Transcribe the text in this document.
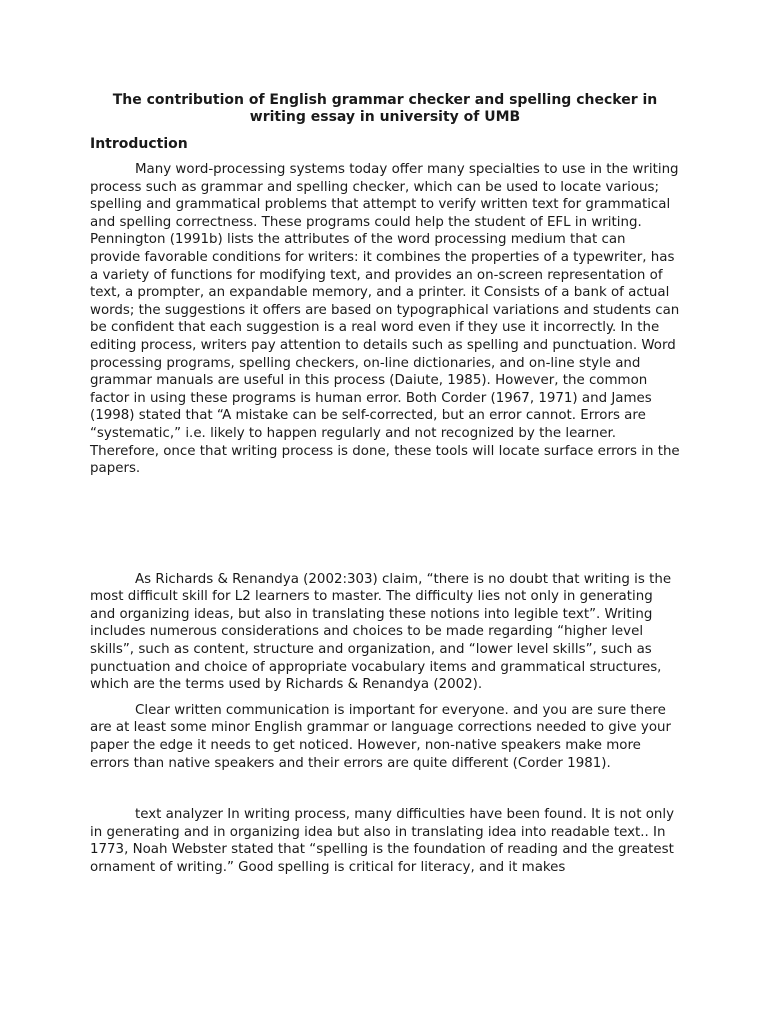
The contribution of English grammar checker and spelling checker in writing essay in university of UMB
Introduction

Many word-processing systems today offer many specialties to use in the writing process such as grammar and spelling checker, which can be used to locate various; spelling and grammatical problems that attempt to verify written text for grammatical and spelling correctness. These programs could help the student of EFL in writing. Pennington (1991b) lists the attributes of the word processing medium that can provide favorable conditions for writers: it combines the properties of a typewriter, has a variety of functions for modifying text, and provides an on-screen representation of text, a prompter, an expandable memory, and a printer. it Consists of a bank of actual words; the suggestions it offers are based on typographical variations and students can be confident that each suggestion is a real word even if they use it incorrectly. In the editing process, writers pay attention to details such as spelling and punctuation. Word processing programs, spelling checkers, on-line dictionaries, and on-line style and grammar manuals are useful in this process (Daiute, 1985). However, the common factor in using these programs is human error. Both Corder (1967, 1971) and James (1998) stated that “A mistake can be self-corrected, but an error cannot. Errors are “systematic,” i.e. likely to happen regularly and not recognized by the learner. Therefore, once that writing process is done, these tools will locate surface errors in the papers.

As Richards & Renandya (2002:303) claim, “there is no doubt that writing is the most difficult skill for L2 learners to master. The difficulty lies not only in generating and organizing ideas, but also in translating these notions into legible text”. Writing includes numerous considerations and choices to be made regarding “higher level skills”, such as content, structure and organization, and “lower level skills”, such as punctuation and choice of appropriate vocabulary items and grammatical structures, which are the terms used by Richards & Renandya (2002).

Clear written communication is important for everyone. and you are sure there are at least some minor English grammar or language corrections needed to give your paper the edge it needs to get noticed. However, non-native speakers make more errors than native speakers and their errors are quite different (Corder 1981).

text analyzer In writing process, many difficulties have been found. It is not only in generating and in organizing idea but also in translating idea into readable text.. In 1773, Noah Webster stated that “spelling is the foundation of reading and the greatest ornament of writing.” Good spelling is critical for literacy, and it makes
